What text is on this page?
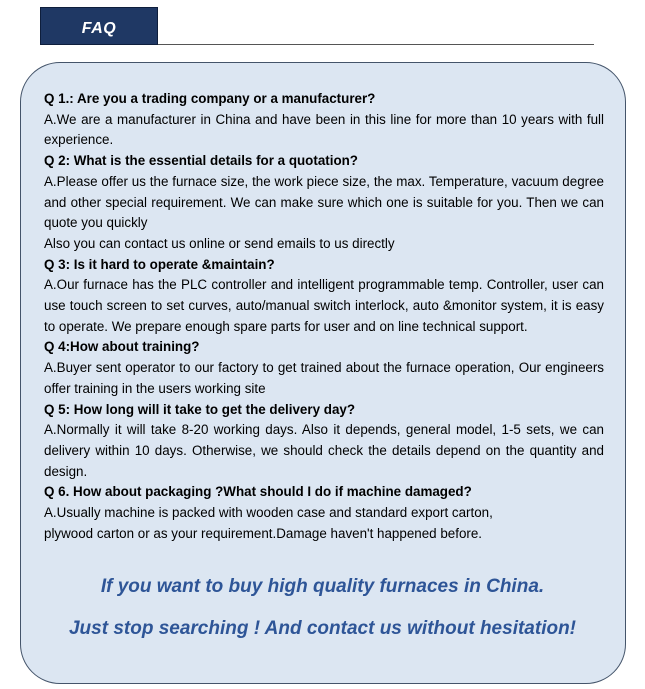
FAQ
Q 1.: Are you a trading company or a manufacturer?
A.We are a manufacturer in China and have been in this line for more than 10 years with full experience.
Q 2: What is the essential details for a quotation?
A.Please offer us the furnace size, the work piece size, the max. Temperature, vacuum degree and other special requirement. We can make sure which one is suitable for you. Then we can quote you quickly
Also you can contact us online or send emails to us directly
Q 3: Is it hard to operate &maintain?
A.Our furnace has the PLC controller and intelligent programmable temp. Controller, user can use touch screen to set curves, auto/manual switch interlock, auto &monitor system, it is easy to operate. We prepare enough spare parts for user and on line technical support.
Q 4:How about training?
A.Buyer sent operator to our factory to get trained about the furnace operation, Our engineers offer training in the users working site
Q 5: How long will it take to get the delivery day?
A.Normally it will take 8-20 working days. Also it depends, general model, 1-5 sets, we can delivery within 10 days. Otherwise, we should check the details depend on the quantity and design.
Q 6. How about packaging ?What should I do if machine damaged?
A.Usually machine is packed with wooden case and standard export carton,
plywood carton or as your requirement.Damage haven't happened before.
If you want to buy high quality furnaces in China.
Just stop searching ! And contact us without hesitation!
